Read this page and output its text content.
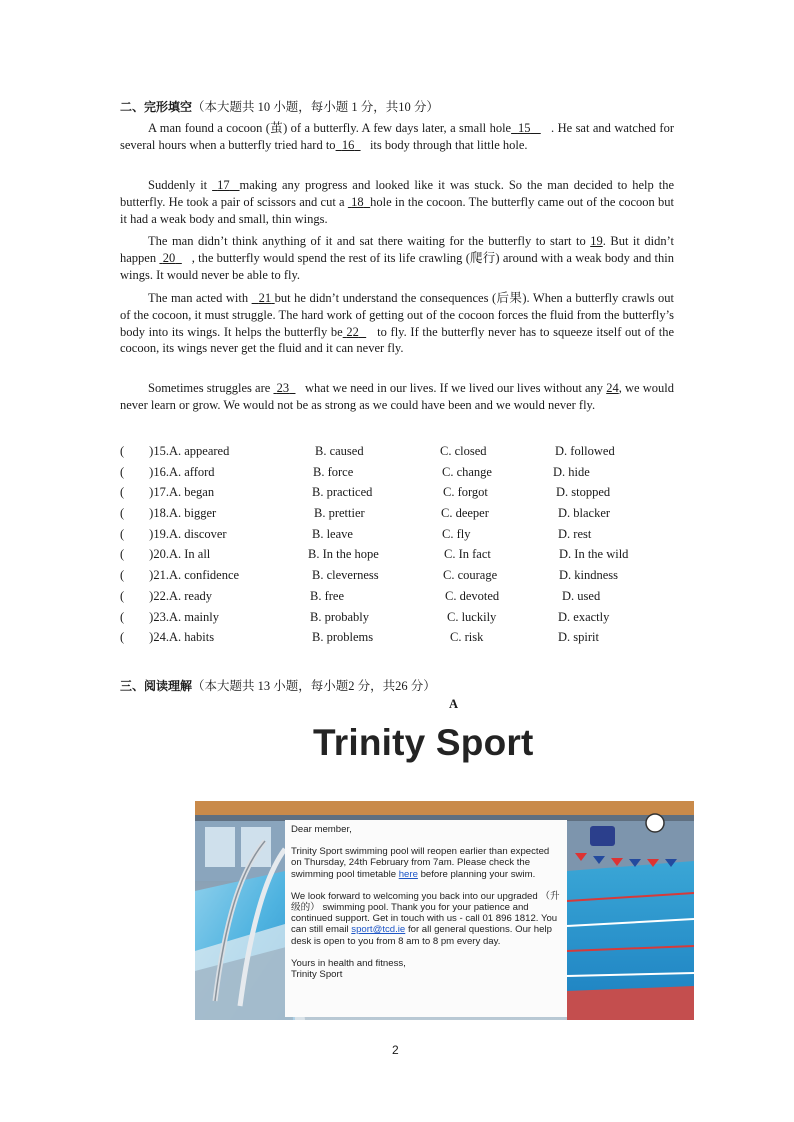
二、完形填空（本大题共 10 小题，每小题 1 分，共10 分）

A man found a cocoon (茧) of a butterfly. A few days later, a small hole 15 . He sat and watched for several hours when a butterfly tried hard to 16 its body through that little hole.

Suddenly it 17 making any progress and looked like it was stuck. So the man decided to help the butterfly. He took a pair of scissors and cut a 18 hole in the cocoon. The butterfly came out of the cocoon but it had a weak body and small, thin wings.

The man didn’t think anything of it and sat there waiting for the butterfly to start to 19. But it didn’t happen 20 , the butterfly would spend the rest of its life crawling (爬行) around with a weak body and thin wings. It would never be able to fly.

The man acted with 21 but he didn’t understand the consequences (后果). When a butterfly crawls out of the cocoon, it must struggle. The hard work of getting out of the cocoon forces the fluid from the butterfly’s body into its wings. It helps the butterfly be 22 to fly. If the butterfly never has to squeeze itself out of the cocoon, its wings never get the fluid and it can never fly.

Sometimes struggles are 23 what we need in our lives. If we lived our lives without any 24, we would never learn or grow. We would not be as strong as we could have been and we would never fly.

(　　)15.A. appeared	B. caused	C. closed	D. followed
(　　)16.A. afford	B. force	C. change	D. hide
(　　)17.A. began	B. practiced	C. forgot	D. stopped
(　　)18.A. bigger	B. prettier	C. deeper	D. blacker
(　　)19.A. discover	B. leave	C. fly	D. rest
(　　)20.A. In all	B. In the hope	C. In fact	D. In the wild
(　　)21.A. confidence	B. cleverness	C. courage	D. kindness
(　　)22.A. ready	B. free	C. devoted	D. used
(　　)23.A. mainly	B. probably	C. luckily	D. exactly
(　　)24.A. habits	B. problems	C. risk	D. spirit
三、阅读理解（本大题共 13 小题，每小题2 分，共26 分）
A
Trinity Sport

Dear member,

Trinity Sport swimming pool will reopen earlier than expected on Thursday, 24th February from 7am. Please check the swimming pool timetable here before planning your swim.

We look forward to welcoming you back into our upgraded （升级的） swimming pool. Thank you for your patience and continued support. Get in touch with us - call 01 896 1812. You can still email sport@tcd.ie for all general questions. Our help desk is open to you from 8 am to 8 pm every day.

Yours in health and fitness,
Trinity Sport

2
